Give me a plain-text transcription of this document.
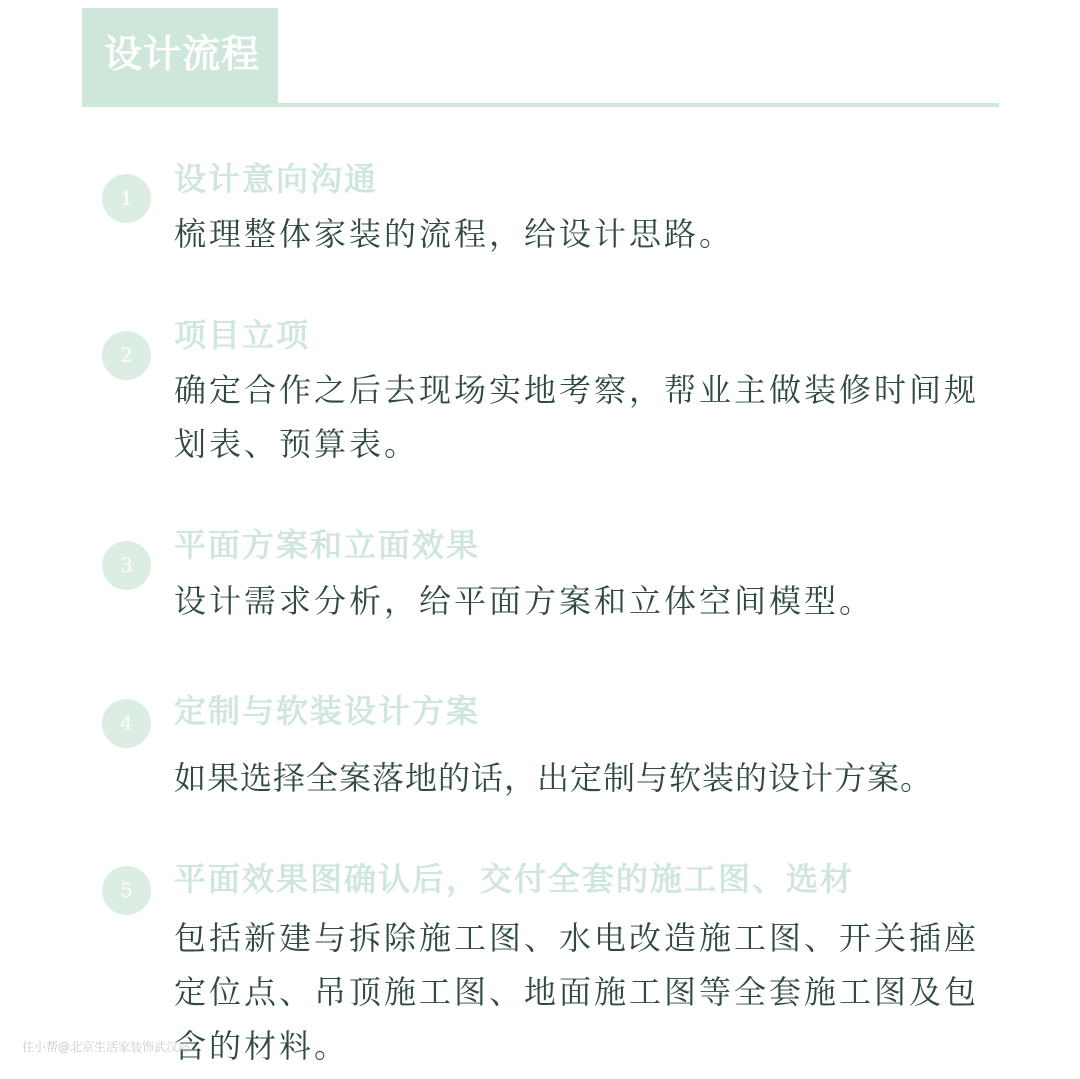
设计流程
1	设计意向沟通
梳理整体家装的流程，给设计思路。
2
项目立项
确定合作之后去现场实地考察，帮业主做装修时间规划表、预算表。
3
平面方案和立面效果
设计需求分析，给平面方案和立体空间模型。
4	定制与软装设计方案
如果选择全案落地的话，出定制与软装的设计方案。
5	平面效果图确认后，交付全套的施工图、选材
包括新建与拆除施工图、水电改造施工图、开关插座定位点、吊顶施工图、地面施工图等全套施工图及包含的材料。
住小帮@北京生活家装饰武汉站
